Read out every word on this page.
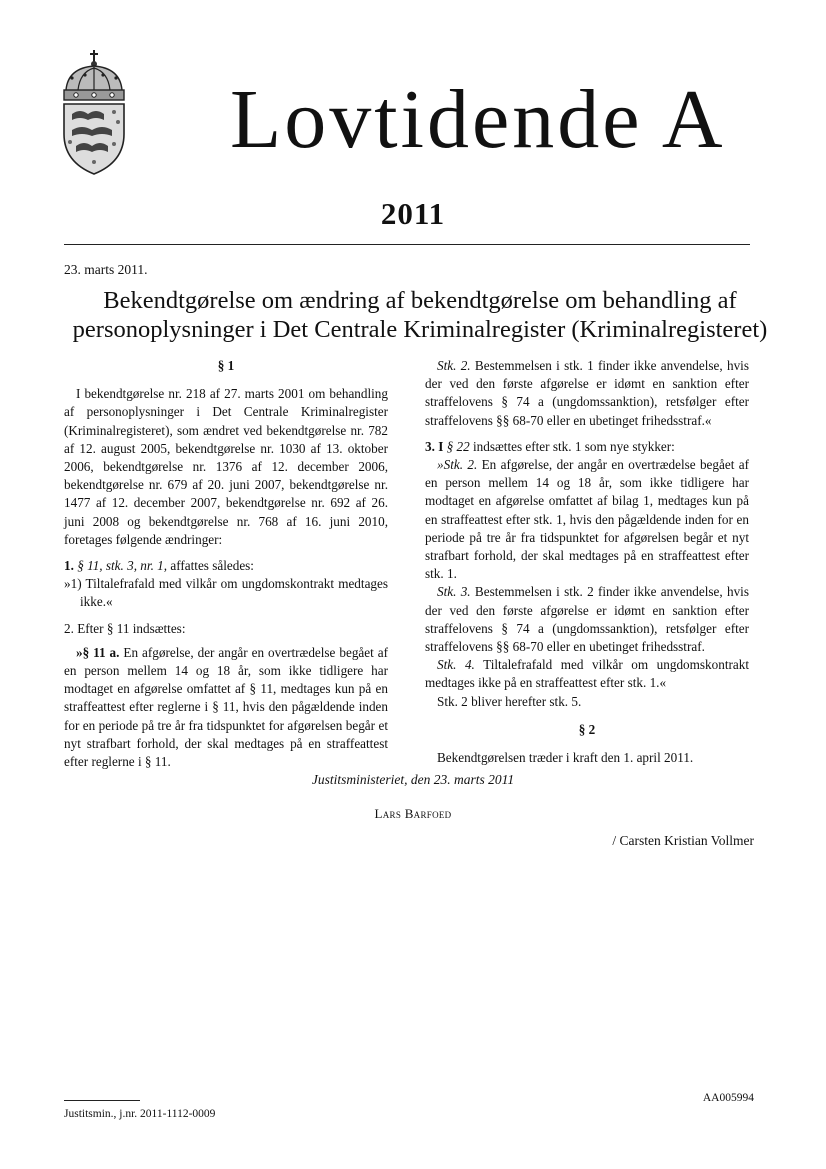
Lovtidende A
2011
23. marts 2011.
Bekendtgørelse om ændring af bekendtgørelse om behandling af
personoplysninger i Det Centrale Kriminalregister (Kriminalregisteret)

§ 1

I bekendtgørelse nr. 218 af 27. marts 2001 om behandling af personoplysninger i Det Centrale Kriminalregister (Kriminalregisteret), som ændret ved bekendtgørelse nr. 782 af 12. august 2005, bekendtgørelse nr. 1030 af 13. oktober 2006, bekendtgørelse nr. 1376 af 12. december 2006, bekendtgørelse nr. 679 af 20. juni 2007, bekendtgørelse nr. 1477 af 12. december 2007, bekendtgørelse nr. 692 af 26. juni 2008 og bekendtgørelse nr. 768 af 16. juni 2010, foretages følgende ændringer:

1. § 11, stk. 3, nr. 1, affattes således:

»1) Tiltalefrafald med vilkår om ungdomskontrakt medtages ikke.«

2. Efter § 11 indsættes:

»§ 11 a. En afgørelse, der angår en overtrædelse begået af en person mellem 14 og 18 år, som ikke tidligere har modtaget en afgørelse omfattet af § 11, medtages kun på en straffeattest efter reglerne i § 11, hvis den pågældende inden for en periode på tre år fra tidspunktet for afgørelsen begår et nyt strafbart forhold, der skal medtages på en straffeattest efter reglerne i § 11.

Stk. 2. Bestemmelsen i stk. 1 finder ikke anvendelse, hvis der ved den første afgørelse er idømt en sanktion efter straffelovens § 74 a (ungdomssanktion), retsfølger efter straffelovens §§ 68-70 eller en ubetinget frihedsstraf.«

3. I § 22 indsættes efter stk. 1 som nye stykker:

»Stk. 2. En afgørelse, der angår en overtrædelse begået af en person mellem 14 og 18 år, som ikke tidligere har modtaget en afgørelse omfattet af bilag 1, medtages kun på en straffeattest efter stk. 1, hvis den pågældende inden for en periode på tre år fra tidspunktet for afgørelsen begår et nyt strafbart forhold, der skal medtages på en straffeattest efter stk. 1.

Stk. 3. Bestemmelsen i stk. 2 finder ikke anvendelse, hvis der ved den første afgørelse er idømt en sanktion efter straffelovens § 74 a (ungdomssanktion), retsfølger efter straffelovens §§ 68-70 eller en ubetinget frihedsstraf.

Stk. 4. Tiltalefrafald med vilkår om ungdomskontrakt medtages ikke på en straffeattest efter stk. 1.«

Stk. 2 bliver herefter stk. 5.

§ 2

Bekendtgørelsen træder i kraft den 1. april 2011.

Justitsministeriet, den 23. marts 2011
Lars Barfoed
/ Carsten Kristian Vollmer
AA005994
Justitsmin., j.nr. 2011-1112-0009
